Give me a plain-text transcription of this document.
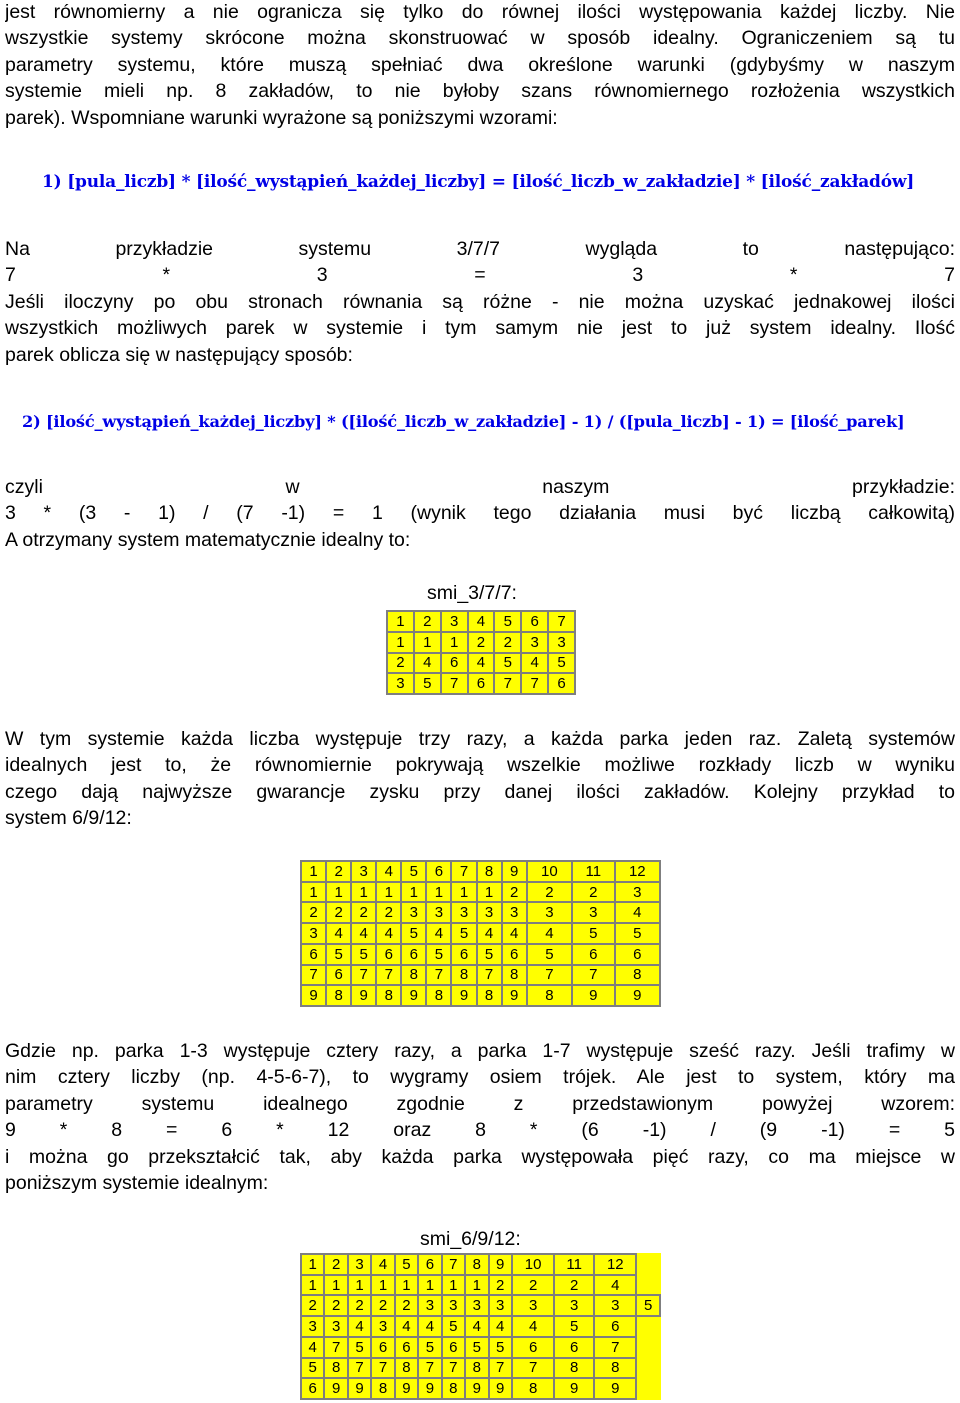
jest równomierny a nie ogranicza się tylko do równej ilości występowania każdej liczby. Nie
wszystkie systemy skrócone można skonstruować w sposób idealny. Ograniczeniem są tu
parametry systemu, które muszą spełniać dwa określone warunki (gdybyśmy w naszym
systemie mieli np. 8 zakładów, to nie byłoby szans równomiernego rozłożenia wszystkich
parek). Wspomniane warunki wyrażone są poniższymi wzorami:
1) [pula_liczb] * [ilość_wystąpień_każdej_liczby] = [ilość_liczb_w_zakładzie] * [ilość_zakładów]
Na przykładzie systemu 3/7/7 wygląda to następująco:
7 * 3 = 3 * 7
Jeśli iloczyny po obu stronach równania są różne - nie można uzyskać jednakowej ilości
wszystkich możliwych parek w systemie i tym samym nie jest to już system idealny. Ilość
parek oblicza się w następujący sposób:
2) [ilość_wystąpień_każdej_liczby] * ([ilość_liczb_w_zakładzie] - 1) / ([pula_liczb] - 1) = [ilość_parek]
czyli w naszym przykładzie:
3 * (3 - 1) / (7 -1) = 1 (wynik tego działania musi być liczbą całkowitą)
A otrzymany system matematycznie idealny to:
smi_3/7/7:
1	2	3	4	5	6	7
1	1	1	2	2	3	3
2	4	6	4	5	4	5
3	5	7	6	7	7	6
W tym systemie każda liczba występuje trzy razy, a każda parka jeden raz. Zaletą systemów
idealnych jest to, że równomiernie pokrywają wszelkie możliwe rozkłady liczb w wyniku
czego dają najwyższe gwarancje zysku przy danej ilości zakładów. Kolejny przykład to
system 6/9/12:
1	2	3	4	5	6	7	8	9	10	11	12
1	1	1	1	1	1	1	1	2	2	2	3
2	2	2	2	3	3	3	3	3	3	3	4
3	4	4	4	5	4	5	4	4	4	5	5
6	5	5	6	6	5	6	5	6	5	6	6
7	6	7	7	8	7	8	7	8	7	7	8
9	8	9	8	9	8	9	8	9	8	9	9
Gdzie np. parka 1-3 występuje cztery razy, a parka 1-7 występuje sześć razy. Jeśli trafimy w
nim cztery liczby (np. 4-5-6-7), to wygramy osiem trójek. Ale jest to system, który ma
parametry systemu idealnego zgodnie z przedstawionym powyżej wzorem:
9 * 8 = 6 * 12 oraz 8 * (6 -1) / (9 -1) = 5
i można go przekształcić tak, aby każda parka występowała pięć razy, co ma miejsce w
poniższym systemie idealnym:
smi_6/9/12:
1	2	3	4	5	6	7	8	9	10	11	12	
1	1	1	1	1	1	1	1	2	2	2	4	
2	2	2	2	2	3	3	3	3	3	3	3	5
3	3	4	3	4	4	5	4	4	4	5	6	
4	7	5	6	6	5	6	5	5	6	6	7	
5	8	7	7	8	7	7	8	7	7	8	8	
6	9	9	8	9	9	8	9	9	8	9	9	
